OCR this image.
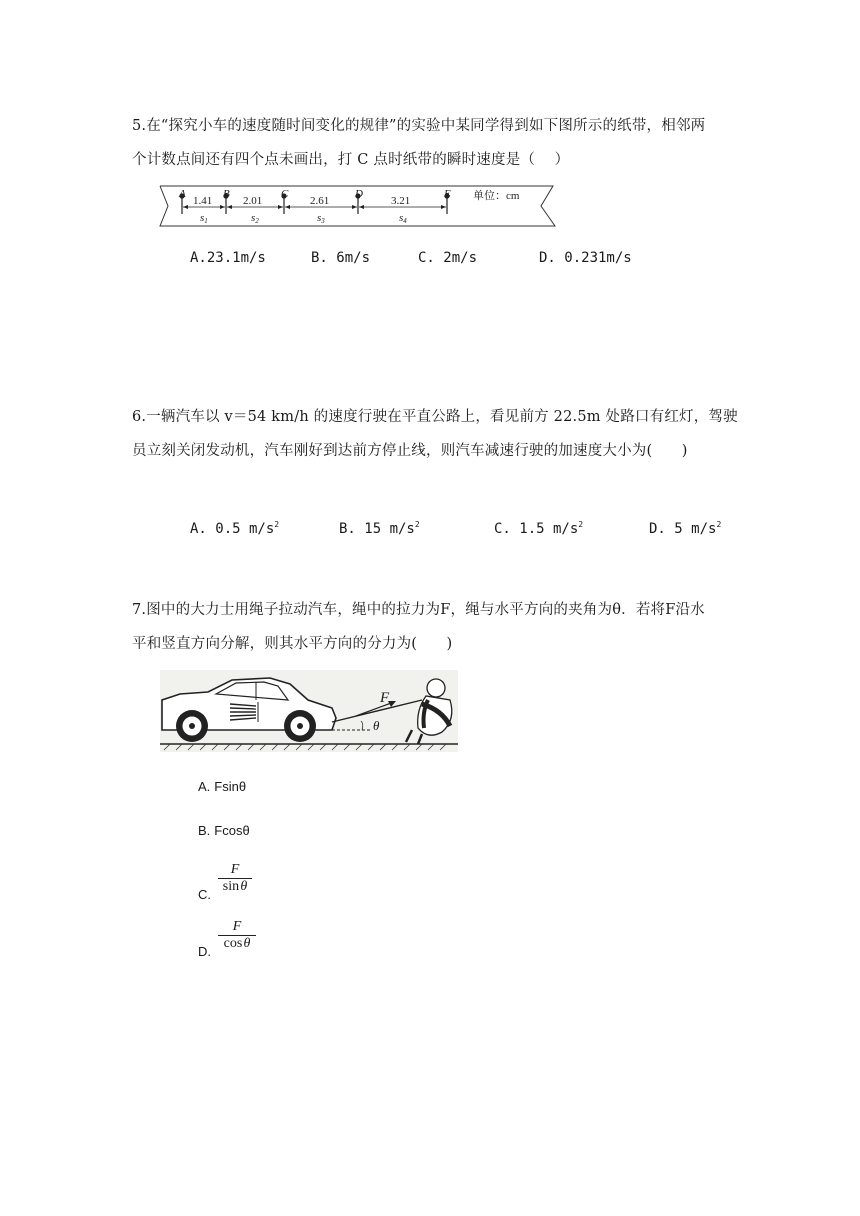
5.在“探究小车的速度随时间变化的规律”的实验中某同学得到如下图所示的纸带，相邻两
个计数点间还有四个点未画出，打 C 点时纸带的瞬时速度是（　 ）
A	B	C	D	E
1.41	2.01	2.61	3.21
s1	s2	s3	s4
单位：cm
A.23.1m/s	B. 6m/s	C. 2m/s	D. 0.231m/s
6.一辆汽车以 v＝54 km/h 的速度行驶在平直公路上，看见前方 22.5m 处路口有红灯，驾驶
员立刻关闭发动机，汽车刚好到达前方停止线，则汽车减速行驶的加速度大小为(　　)
A. 0.5 $m/s^2$	B. 15 $m/s^2$	C. 1.5 $m/s^2$	D. 5 $m/s^2$
7.图中的大力士用绳子拉动汽车，绳中的拉力为F，绳与水平方向的夹角为θ．若将F沿水
平和竖直方向分解，则其水平方向的分力为(　　)
F
θ
A. Fsinθ
B. Fcosθ
C.
F
sin θ
D.
F
cos θ
